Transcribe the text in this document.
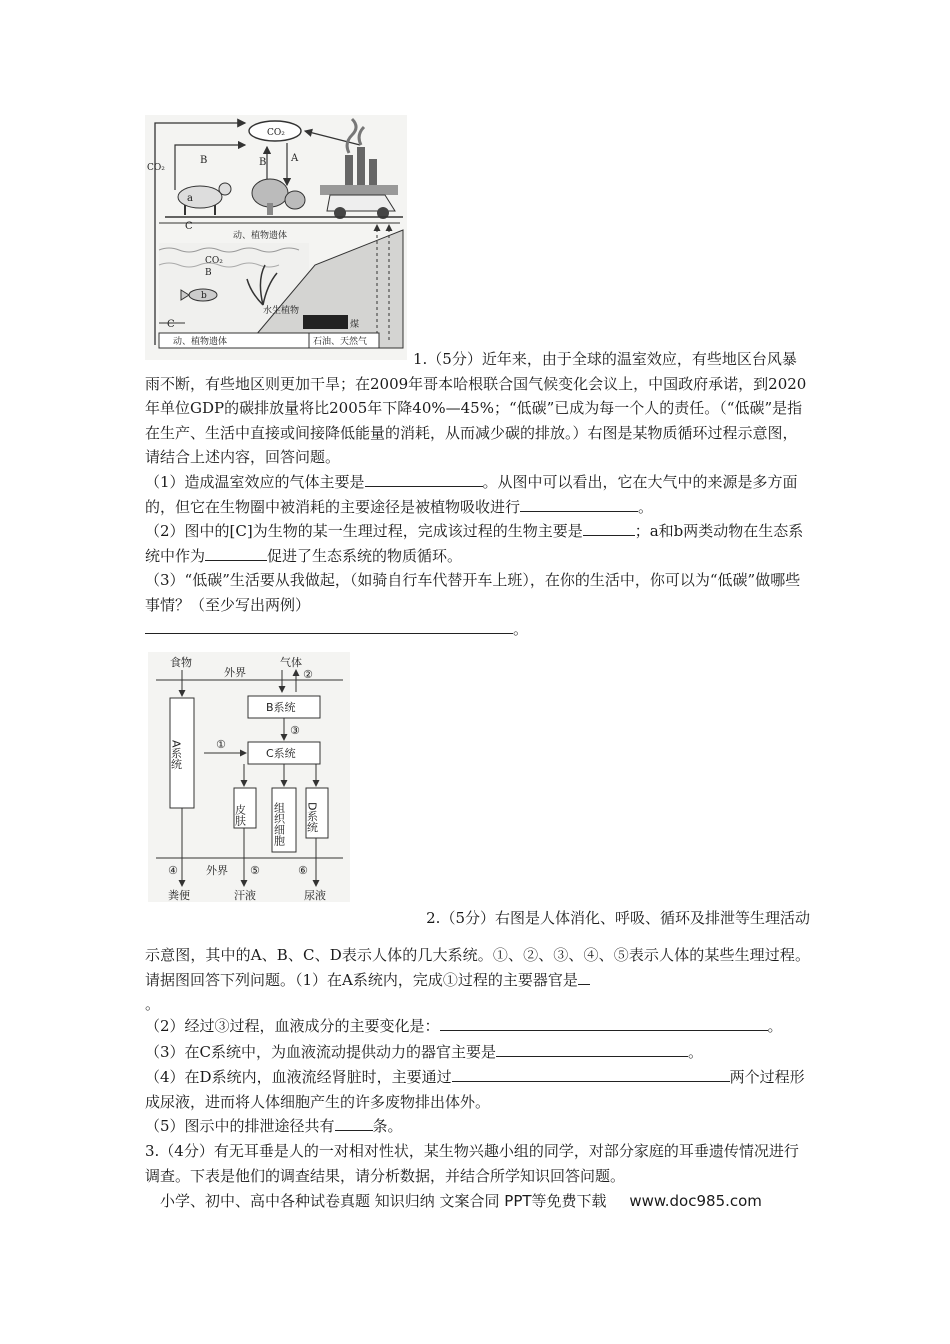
CO₂
CO₂
B	B A
a
C
动、植物遗体
CO₂
B
b
水生植物
煤
C
动、植物遗体	石油、天然气

1.（5分）近年来，由于全球的温室效应，有些地区台风暴雨不断，有些地区则更加干旱；在2009年哥本哈根联合国气候变化会议上，中国政府承诺，到2020年单位GDP的碳排放量将比2005年下降40%—45%；“低碳”已成为每一个人的责任。（“低碳”是指在生产、生活中直接或间接降低能量的消耗，从而减少碳的排放。）右图是某物质循环过程示意图，请结合上述内容，回答问题。

（1）造成温室效应的气体主要是	。从图中可以看出，它在大气中的来源是多方面的，但它在生物圈中被消耗的主要途径是被植物吸收进行	。

（2）图中的[C]为生物的某一生理过程，完成该过程的生物主要是	；a和b两类动物在生态系统中作为	促进了生态系统的物质循环。

（3）“低碳”生活要从我做起，（如骑自行车代替开车上班），在你的生活中，你可以为“低碳”做哪些事情？（至少写出两例）
。

食物	气体
外界	②
A系统
B系统
③
C系统
①
皮肤 组织细胞 D系统
外界
④	⑤	⑥
粪便	汗液	尿液

2.（5分）右图是人体消化、呼吸、循环及排泄等生理活动

示意图，其中的A、B、C、D表示人体的几大系统。①、②、③、④、⑤表示人体的某些生理过程。请据图回答下列问题。（1）在A系统内，完成①过程的主要器官是
。

（2）经过③过程，血液成分的主要变化是：	。

（3）在C系统中，为血液流动提供动力的器官主要是	。

（4）在D系统内，血液流经肾脏时，主要通过	两个过程形成尿液，进而将人体细胞产生的许多废物排出体外。

（5）图示中的排泄途径共有	条。

3.（4分）有无耳垂是人的一对相对性状，某生物兴趣小组的同学，对部分家庭的耳垂遗传情况进行调查。下表是他们的调查结果，请分析数据，并结合所学知识回答问题。

小学、初中、高中各种试卷真题 知识归纳 文案合同 PPT等免费下载 www.doc985.com
